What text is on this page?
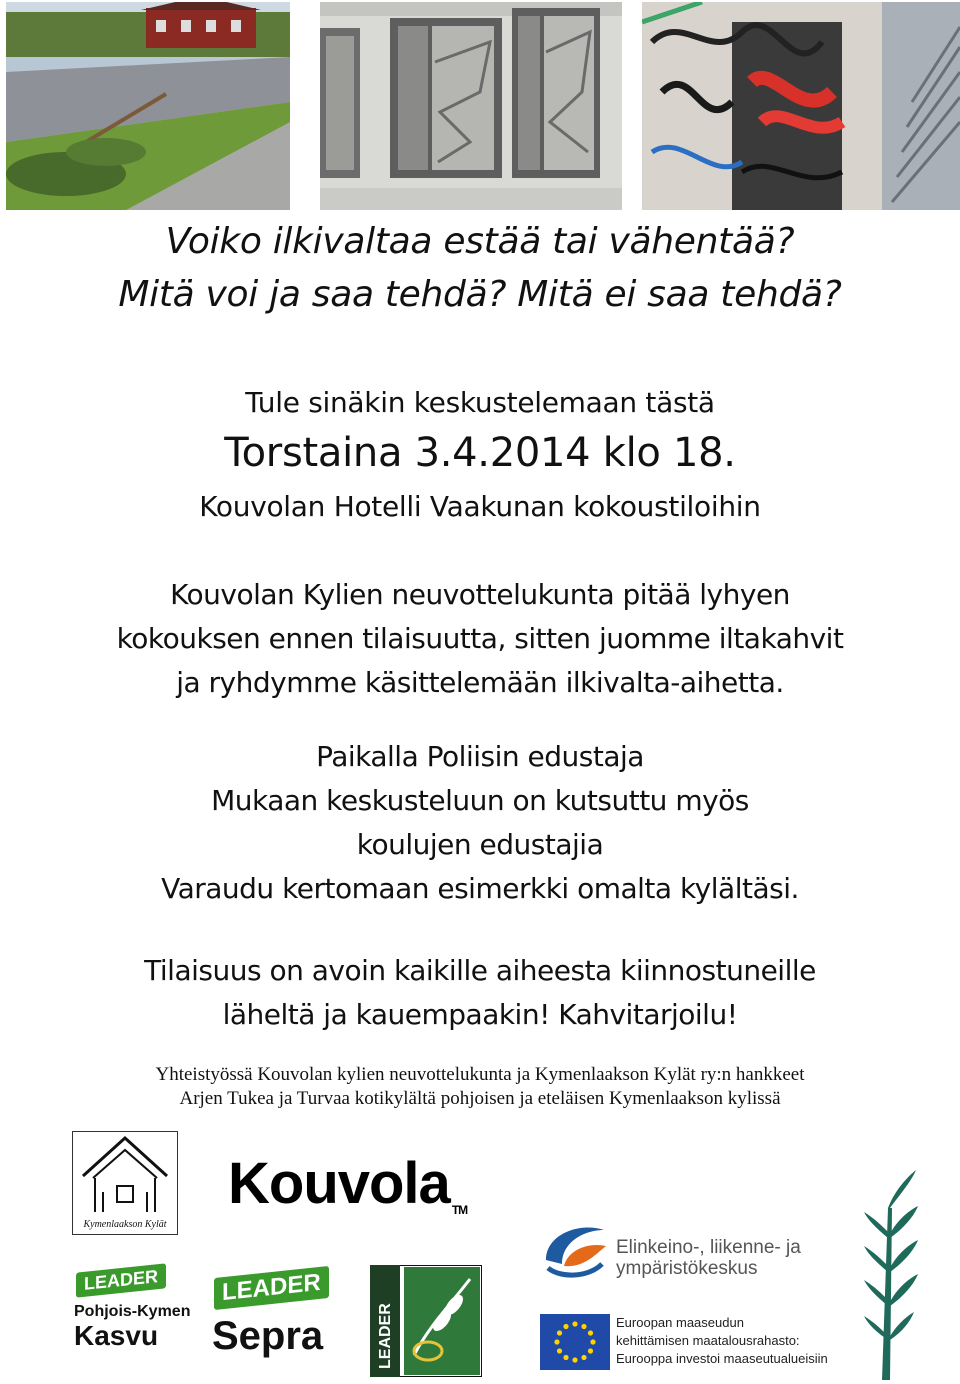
Voiko ilkivaltaa estää tai vähentää?
Mitä voi ja saa tehdä? Mitä ei saa tehdä?
Tule sinäkin keskustelemaan tästä
Torstaina 3.4.2014 klo 18.
Kouvolan Hotelli Vaakunan kokoustiloihin
Kouvolan Kylien neuvottelukunta pitää lyhyen
kokouksen ennen tilaisuutta, sitten juomme iltakahvit
ja ryhdymme käsittelemään ilkivalta-aihetta.
Paikalla Poliisin edustaja
Mukaan keskusteluun on kutsuttu myös
koulujen edustajia
Varaudu kertomaan esimerkki omalta kylältäsi.
Tilaisuus on avoin kaikille aiheesta kiinnostuneille
läheltä ja kauempaakin! Kahvitarjoilu!
Yhteistyössä Kouvolan kylien neuvottelukunta ja Kymenlaakson Kylät ry:n hankkeet
Arjen Tukea ja Turvaa kotikylältä pohjoisen ja eteläisen Kymenlaakson kylissä
Kymenlaakson Kylät
Kouvola TM
LEADER
Pohjois-Kymen
Kasvu
LEADER
Sepra	LEADER
Elinkeino-, liikenne- ja
ympäristökeskus
Euroopan maaseudun
kehittämisen maatalousrahasto:
Eurooppa investoi maaseutualueisiin
